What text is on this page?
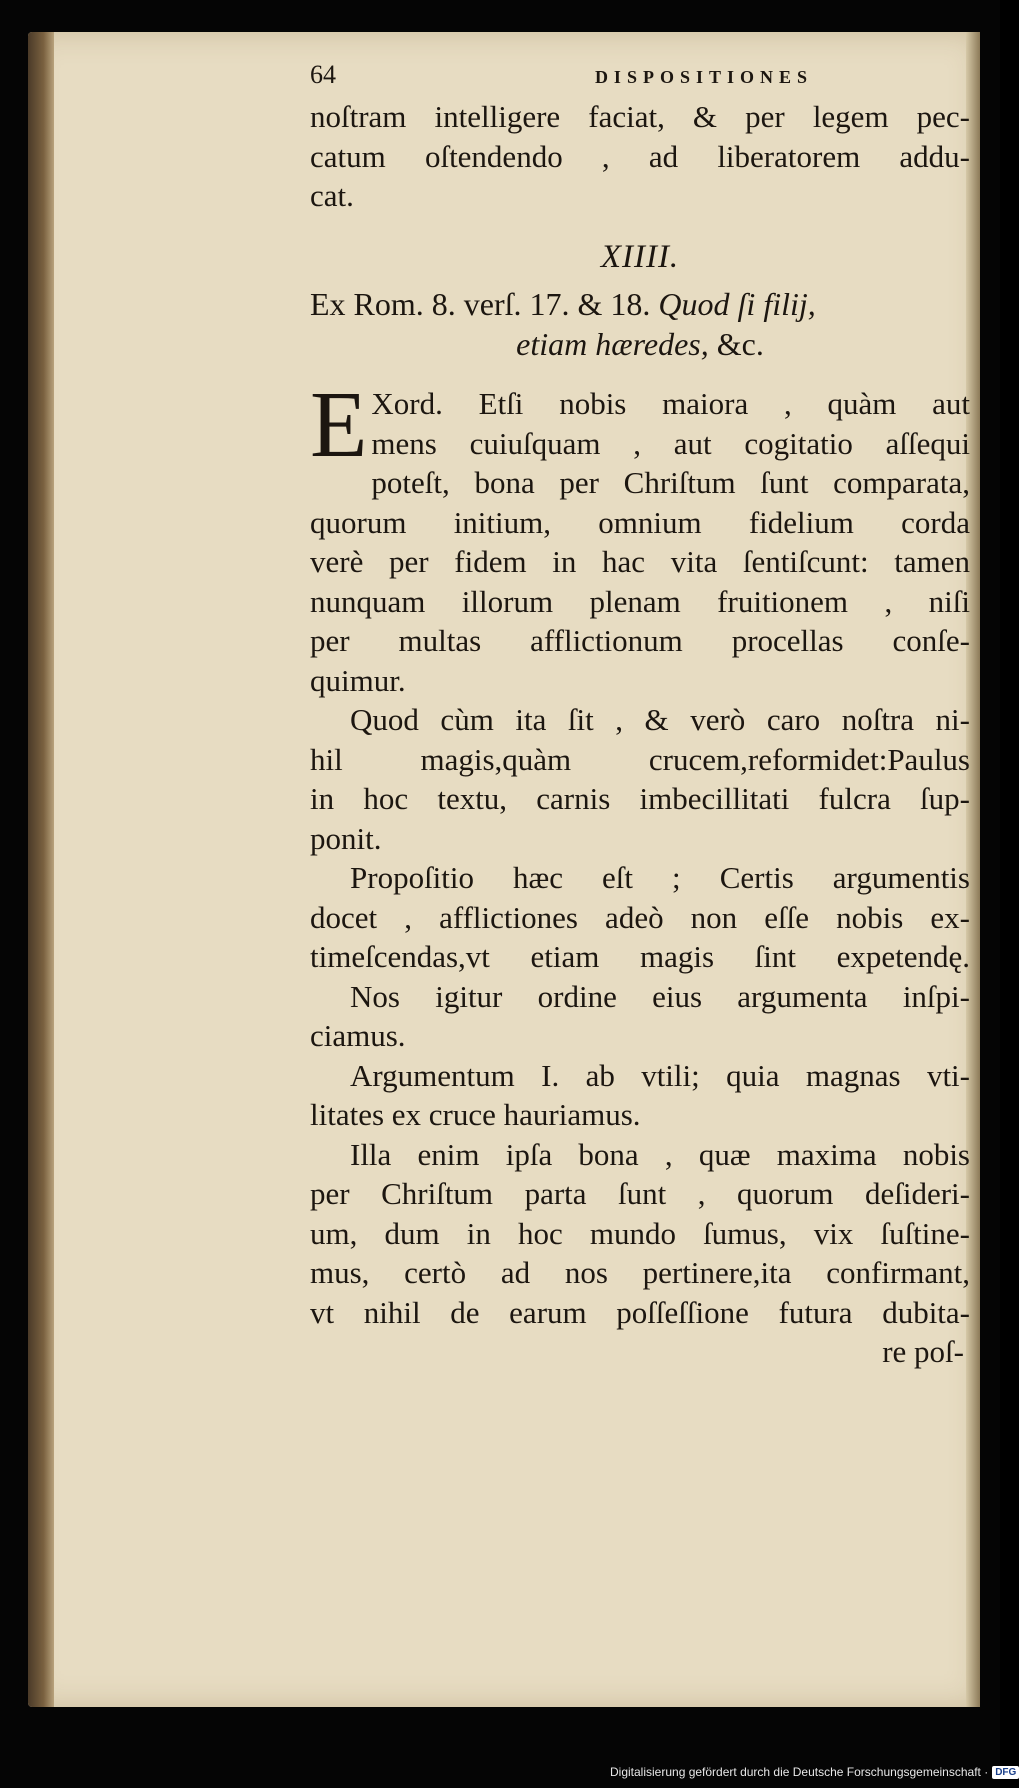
64	DISPOSITIONES
noſtram intelligere faciat, & per legem pec-
catum oſtendendo , ad liberatorem addu-
cat.
XIIII.
Ex Rom. 8. verſ. 17. & 18. Quod ſi filij,
etiam hæredes, &c.
E Xord. Etſi nobis maiora , quàm aut
mens cuiuſquam , aut cogitatio aſſequi
poteſt, bona per Chriſtum ſunt comparata,
quorum initium, omnium fidelium corda
verè per fidem in hac vita ſentiſcunt: tamen
nunquam illorum plenam fruitionem , niſi
per multas afflictionum procellas conſe-
quimur.
Quod cùm ita ſit , & verò caro noſtra ni-
hil magis,quàm crucem,reformidet:Paulus
in hoc textu, carnis imbecillitati fulcra ſup-
ponit.
Propoſitio hæc eſt ; Certis argumentis
docet , afflictiones adeò non eſſe nobis ex-
timeſcendas,vt etiam magis ſint expetendę.
Nos igitur ordine eius argumenta inſpi-
ciamus.
Argumentum I. ab vtili; quia magnas vti-
litates ex cruce hauriamus.
Illa enim ipſa bona , quæ maxima nobis
per Chriſtum parta ſunt , quorum deſideri-
um, dum in hoc mundo ſumus, vix ſuſtine-
mus, certò ad nos pertinere,ita confirmant,
vt nihil de earum poſſeſſione futura dubita-
re poſ-
Digitalisierung gefördert durch die Deutsche Forschungsgemeinschaft · DFG
